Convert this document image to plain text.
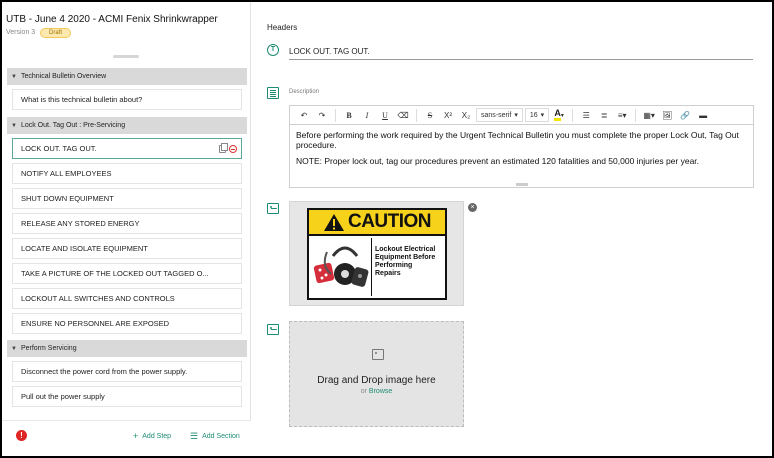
UTB - June 4 2020 - ACMI Fenix Shrinkwrapper
Version 3	Draft
▼ Technical Bulletin Overview
What is this technical bulletin about?
▼ Lock Out. Tag Out : Pre-Servicing
LOCK OUT. TAG OUT.
NOTIFY ALL EMPLOYEES
SHUT DOWN EQUIPMENT
RELEASE ANY STORED ENERGY
LOCATE AND ISOLATE EQUIPMENT
TAKE A PICTURE OF THE LOCKED OUT TAGGED O...
LOCKOUT ALL SWITCHES AND CONTROLS
ENSURE NO PERSONNEL ARE EXPOSED
▼ Perform Servicing
Disconnect the power cord from the power supply.
Pull out the power supply
!	+ Add Step ☰ Add Section
Headers
T
LOCK OUT. TAG OUT.
Description
↶	↷	B	I	U	⌫	S	X²	X₂	sans-serif ▾ 16 ▾ A ▾	☰	≣	≡▾	▦▾ 🖼 🔗	▬

Before performing the work required by the Urgent Technical Bulletin you must complete the proper Lock Out, Tag Out procedure.

NOTE: Proper lock out, tag our procedures prevent an estimated 120 fatalities and 50,000 injuries per year.

CAUTION
Lockout Electrical
Equipment Before
Performing
Repairs
×
Drag and Drop image here
or Browse
